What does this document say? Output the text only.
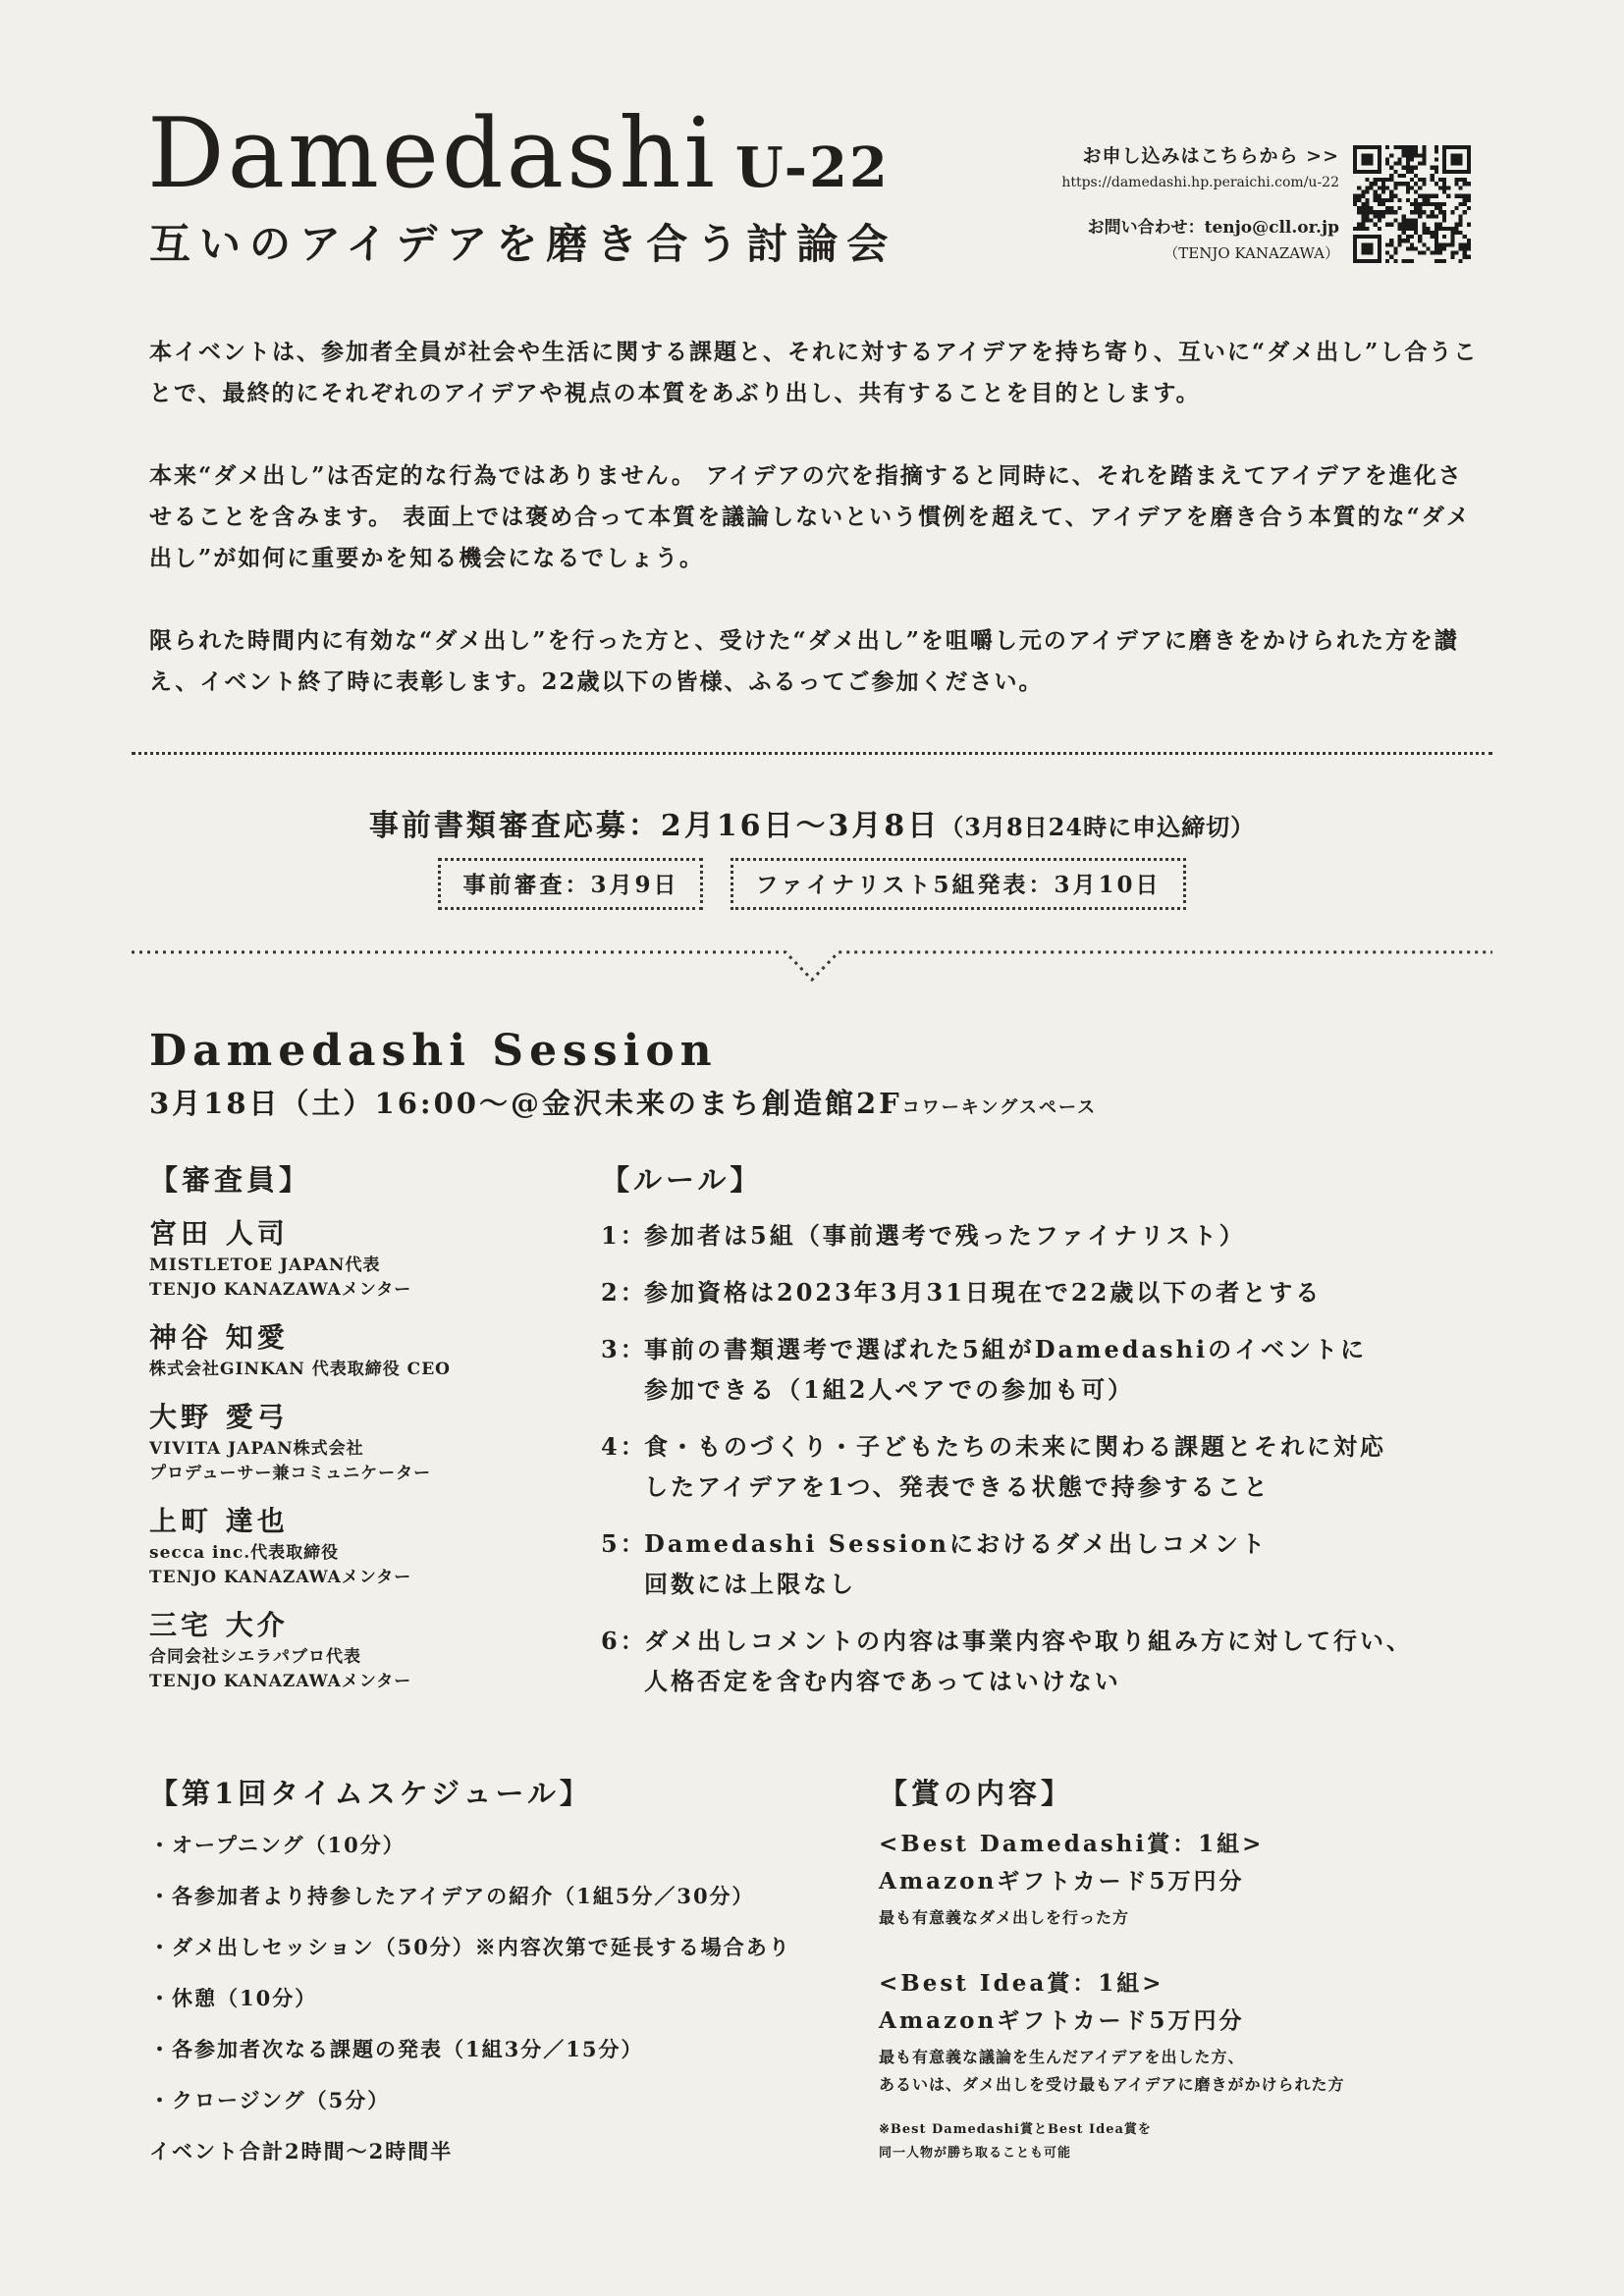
Damedashi U-22
互いのアイデアを磨き合う討論会
お申し込みはこちらから >>
https://damedashi.hp.peraichi.com/u-22
お問い合わせ：tenjo@cll.or.jp
（TENJO KANAZAWA）

本イベントは、参加者全員が社会や生活に関する課題と、それに対するアイデアを持ち寄り、互いに“ダメ出し”し合うことで、最終的にそれぞれのアイデアや視点の本質をあぶり出し、共有することを目的とします。

本来“ダメ出し”は否定的な行為ではありません。 アイデアの穴を指摘すると同時に、それを踏まえてアイデアを進化させることを含みます。 表面上では褒め合って本質を議論しないという慣例を超えて、アイデアを磨き合う本質的な“ダメ出し”が如何に重要かを知る機会になるでしょう。

限られた時間内に有効な“ダメ出し”を行った方と、受けた“ダメ出し”を咀嚼し元のアイデアに磨きをかけられた方を讃え、イベント終了時に表彰します。22歳以下の皆様、ふるってご参加ください。

事前書類審査応募：2月16日〜3月8日（3月8日24時に申込締切）
事前審査：3月9日	ファイナリスト5組発表：3月10日
Damedashi Session
3月18日（土）16:00〜@金沢未来のまち創造館2Fコワーキングスペース
【審査員】
宮田 人司
MISTLETOE JAPAN代表
TENJO KANAZAWAメンター
神谷 知愛
株式会社GINKAN 代表取締役 CEO
大野 愛弓
VIVITA JAPAN株式会社
プロデューサー兼コミュニケーター
上町 達也
secca inc.代表取締役
TENJO KANAZAWAメンター
三宅 大介
合同会社シエラパブロ代表
TENJO KANAZAWAメンター
【ルール】
1：
参加者は5組（事前選考で残ったファイナリスト）
2：
参加資格は2023年3月31日現在で22歳以下の者とする
3：
事前の書類選考で選ばれた5組がDamedashiのイベントに
参加できる（1組2人ペアでの参加も可）
4：
食・ものづくり・子どもたちの未来に関わる課題とそれに対応
したアイデアを1つ、発表できる状態で持参すること
5：
Damedashi Sessionにおけるダメ出しコメント
回数には上限なし
6：
ダメ出しコメントの内容は事業内容や取り組み方に対して行い、
人格否定を含む内容であってはいけない
【第1回タイムスケジュール】
・オープニング（10分）
・各参加者より持参したアイデアの紹介（1組5分／30分）
・ダメ出しセッション（50分）※内容次第で延長する場合あり
・休憩（10分）
・各参加者次なる課題の発表（1組3分／15分）
・クロージング（5分）
イベント合計2時間〜2時間半
【賞の内容】
<Best Damedashi賞：1組>
Amazonギフトカード5万円分
最も有意義なダメ出しを行った方
<Best Idea賞：1組>
Amazonギフトカード5万円分
最も有意義な議論を生んだアイデアを出した方、
あるいは、ダメ出しを受け最もアイデアに磨きがかけられた方
※Best Damedashi賞とBest Idea賞を
同一人物が勝ち取ることも可能
